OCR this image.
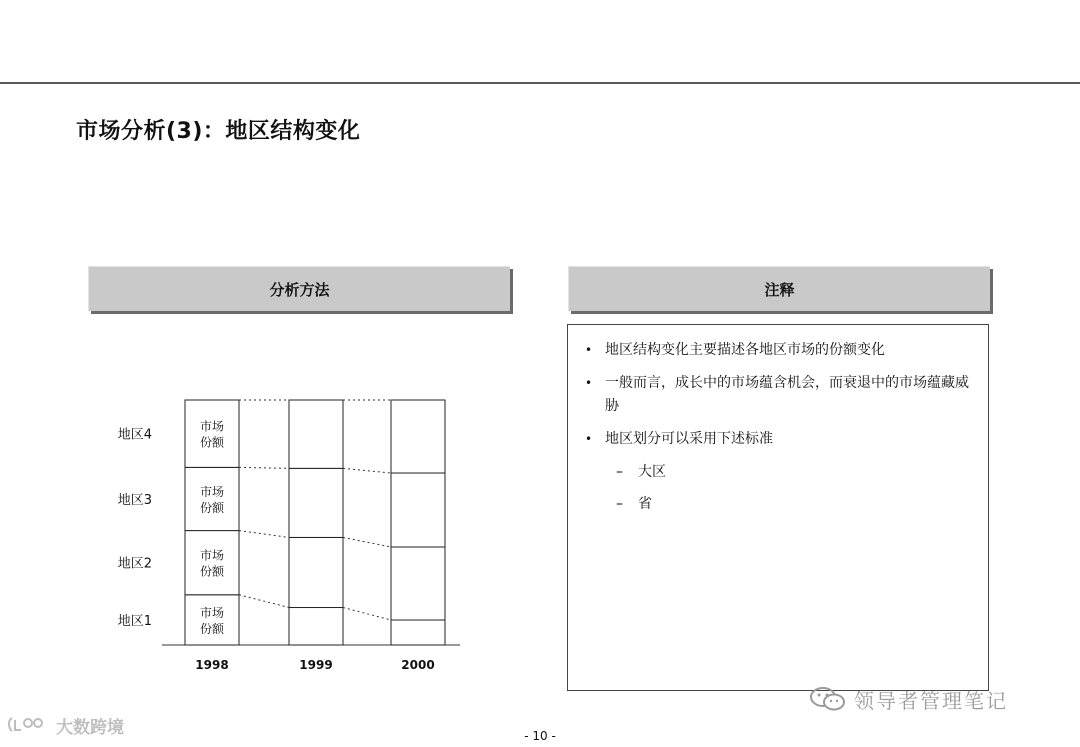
市场分析(3)：地区结构变化
分析方法	注释
• 地区结构变化主要描述各地区市场的份额变化
• 一般而言，成长中的市场蕴含机会，而衰退中的市场蕴藏威胁
• 地区划分可以采用下述标准
– 大区
– 省
市场
份额
市场
份额
市场
份额
市场
份额
1998	1999	2000
地区1
地区2
地区3
地区4
大数跨境
领导者管理笔记
- 10 -
